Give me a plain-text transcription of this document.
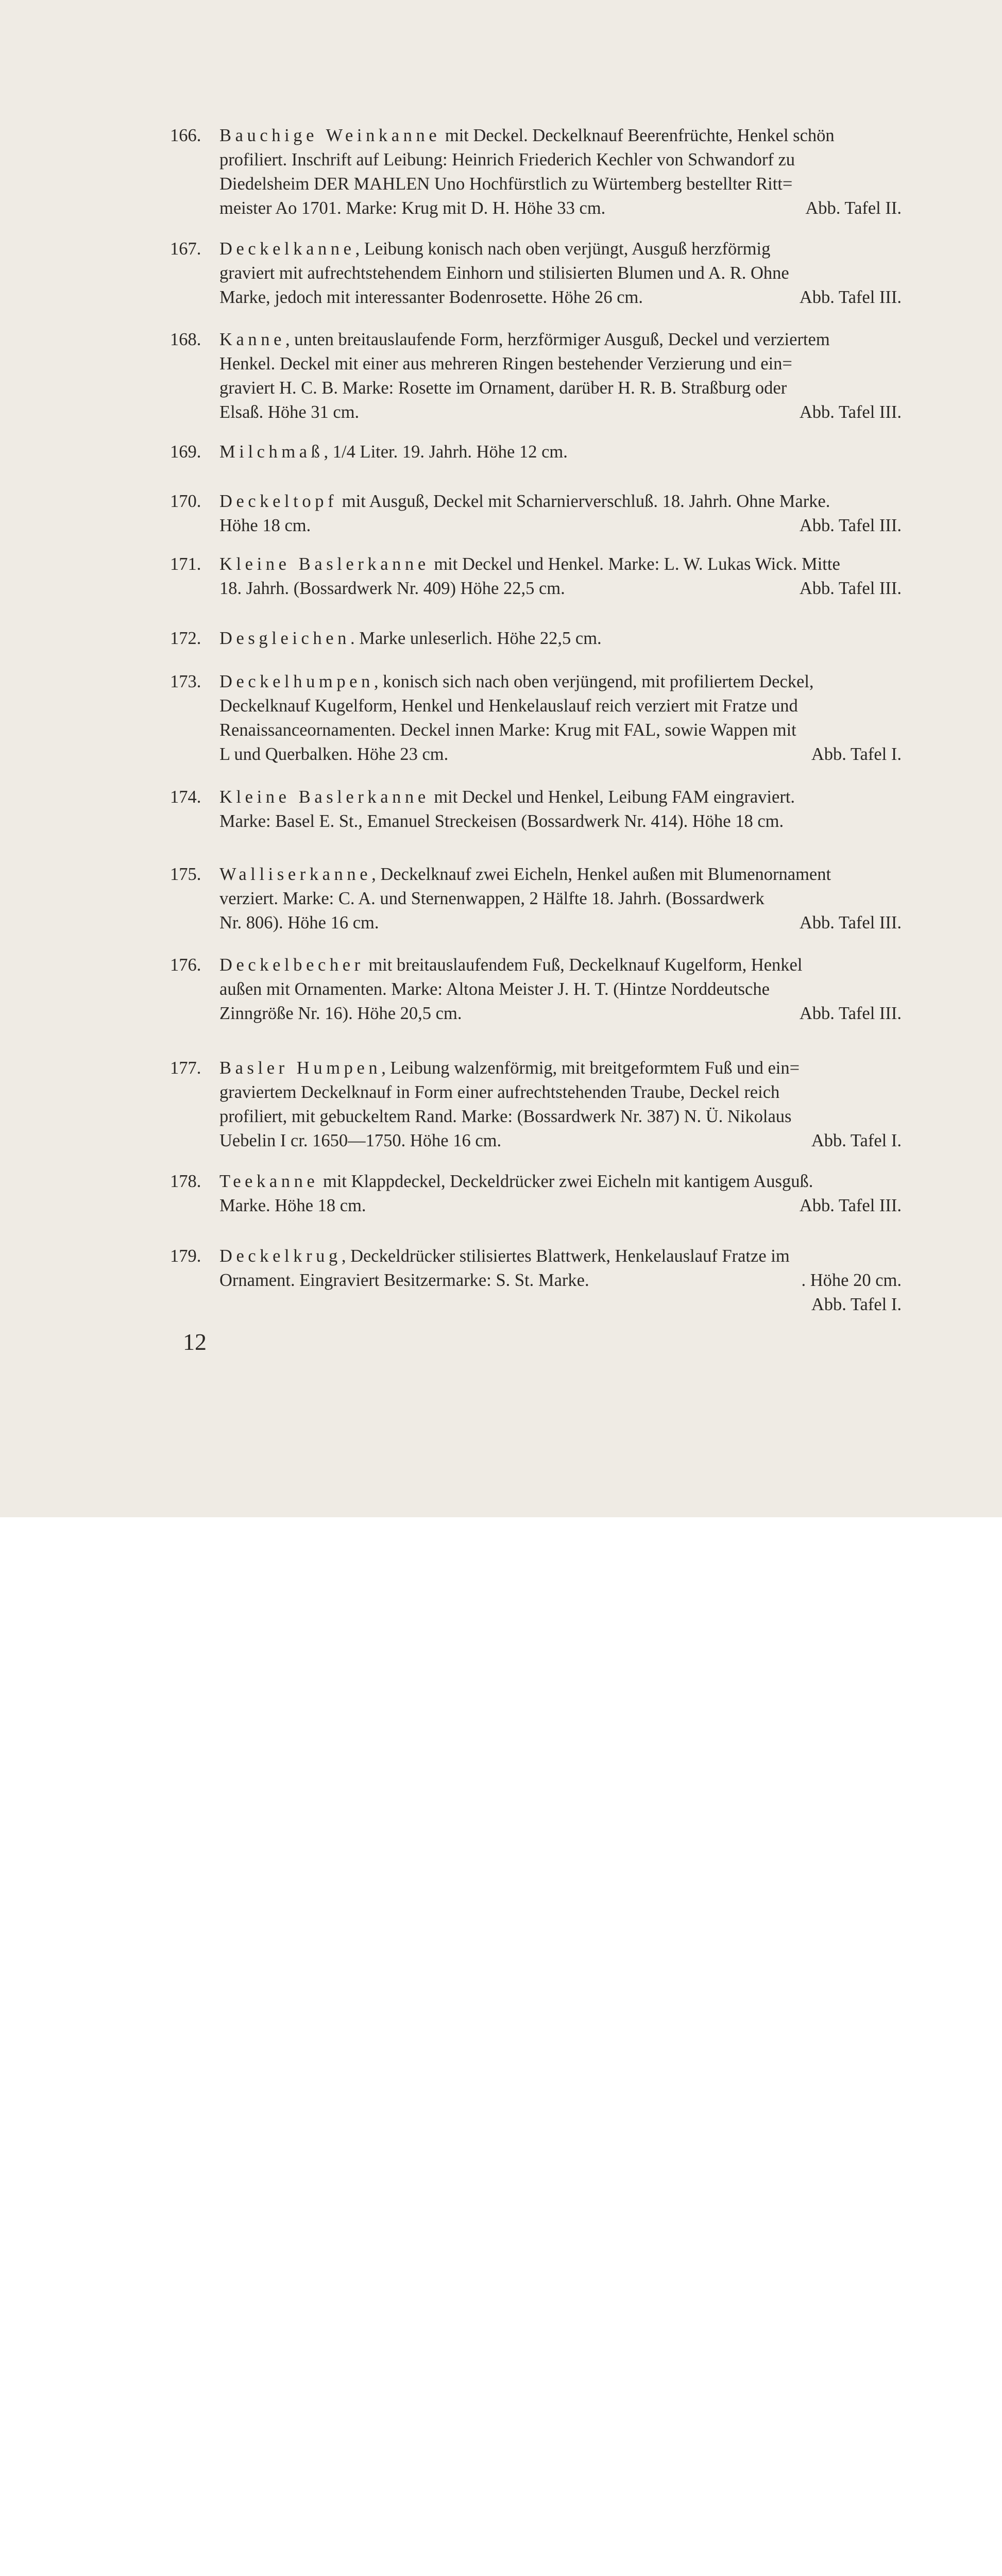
166.	Bauchige Weinkanne mit Deckel. Deckelknauf Beerenfrüchte, Henkel schön
profiliert. Inschrift auf Leibung: Heinrich Friederich Kechler von Schwandorf zu
Diedelsheim DER MAHLEN Uno Hochfürstlich zu Würtemberg bestellter Ritt=
meister Ao 1701. Marke: Krug mit D. H. Höhe 33 cm.	Abb. Tafel II.
167.	Deckelkanne, Leibung konisch nach oben verjüngt, Ausguß herzförmig
graviert mit aufrechtstehendem Einhorn und stilisierten Blumen und A. R. Ohne
Marke, jedoch mit interessanter Bodenrosette. Höhe 26 cm.	Abb. Tafel III.
168.	Kanne, unten breitauslaufende Form, herzförmiger Ausguß, Deckel und verziertem
Henkel. Deckel mit einer aus mehreren Ringen bestehender Verzierung und ein=
graviert H. C. B. Marke: Rosette im Ornament, darüber H. R. B. Straßburg oder
Elsaß. Höhe 31 cm.	Abb. Tafel III.
169.	Milchmaß, 1/4 Liter. 19. Jahrh. Höhe 12 cm.
170.	Deckeltopf mit Ausguß, Deckel mit Scharnierverschluß. 18. Jahrh. Ohne Marke.
Höhe 18 cm.	Abb. Tafel III.
171.	Kleine Baslerkanne mit Deckel und Henkel. Marke: L. W. Lukas Wick. Mitte
18. Jahrh. (Bossardwerk Nr. 409) Höhe 22,5 cm.	Abb. Tafel III.
172.	Desgleichen. Marke unleserlich. Höhe 22,5 cm.
173.	Deckelhumpen, konisch sich nach oben verjüngend, mit profiliertem Deckel,
Deckelknauf Kugelform, Henkel und Henkelauslauf reich verziert mit Fratze und
Renaissanceornamenten. Deckel innen Marke: Krug mit FAL, sowie Wappen mit
L und Querbalken. Höhe 23 cm.	Abb. Tafel I.
174.	Kleine Baslerkanne mit Deckel und Henkel, Leibung FAM eingraviert.
Marke: Basel E. St., Emanuel Streckeisen (Bossardwerk Nr. 414). Höhe 18 cm.
175.	Walliserkanne, Deckelknauf zwei Eicheln, Henkel außen mit Blumenornament
verziert. Marke: C. A. und Sternenwappen, 2 Hälfte 18. Jahrh. (Bossardwerk
Nr. 806). Höhe 16 cm.	Abb. Tafel III.
176.	Deckelbecher mit breitauslaufendem Fuß, Deckelknauf Kugelform, Henkel
außen mit Ornamenten. Marke: Altona Meister J. H. T. (Hintze Norddeutsche
Zinngröße Nr. 16). Höhe 20,5 cm.	Abb. Tafel III.
177.	Basler Humpen, Leibung walzenförmig, mit breitgeformtem Fuß und ein=
graviertem Deckelknauf in Form einer aufrechtstehenden Traube, Deckel reich
profiliert, mit gebuckeltem Rand. Marke: (Bossardwerk Nr. 387) N. Ü. Nikolaus
Uebelin I cr. 1650—1750. Höhe 16 cm.	Abb. Tafel I.
178.	Teekanne mit Klappdeckel, Deckeldrücker zwei Eicheln mit kantigem Ausguß.
Marke. Höhe 18 cm.	Abb. Tafel III.
179.	Deckelkrug, Deckeldrücker stilisiertes Blattwerk, Henkelauslauf Fratze im
Ornament. Eingraviert Besitzermarke: S. St. Marke.	. Höhe 20 cm.
Abb. Tafel I.
12
